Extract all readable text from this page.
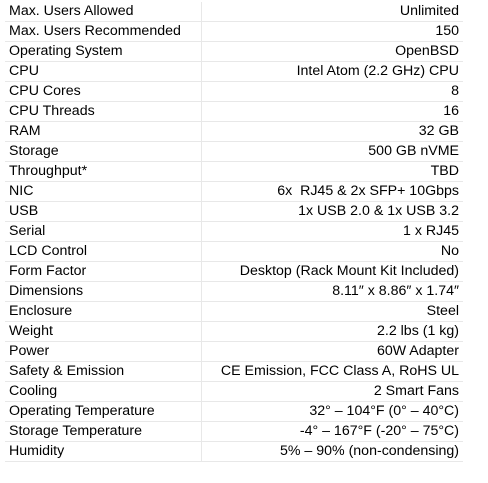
Max. Users Allowed	Unlimited
Max. Users Recommended	150
Operating System	OpenBSD
CPU	Intel Atom (2.2 GHz) CPU
CPU Cores	8
CPU Threads	16
RAM	32 GB
Storage	500 GB nVME
Throughput*	TBD
NIC	6x  RJ45 & 2x SFP+ 10Gbps
USB	1x USB 2.0 & 1x USB 3.2
Serial	1 x RJ45
LCD Control	No
Form Factor	Desktop (Rack Mount Kit Included)
Dimensions	8.11″ x 8.86″ x 1.74″
Enclosure	Steel
Weight	2.2 lbs (1 kg)
Power	60W Adapter
Safety & Emission	CE Emission, FCC Class A, RoHS UL
Cooling	2 Smart Fans
Operating Temperature	32° – 104°F (0° – 40°C)
Storage Temperature	-4° – 167°F (-20° – 75°C)
Humidity	5% – 90% (non-condensing)
